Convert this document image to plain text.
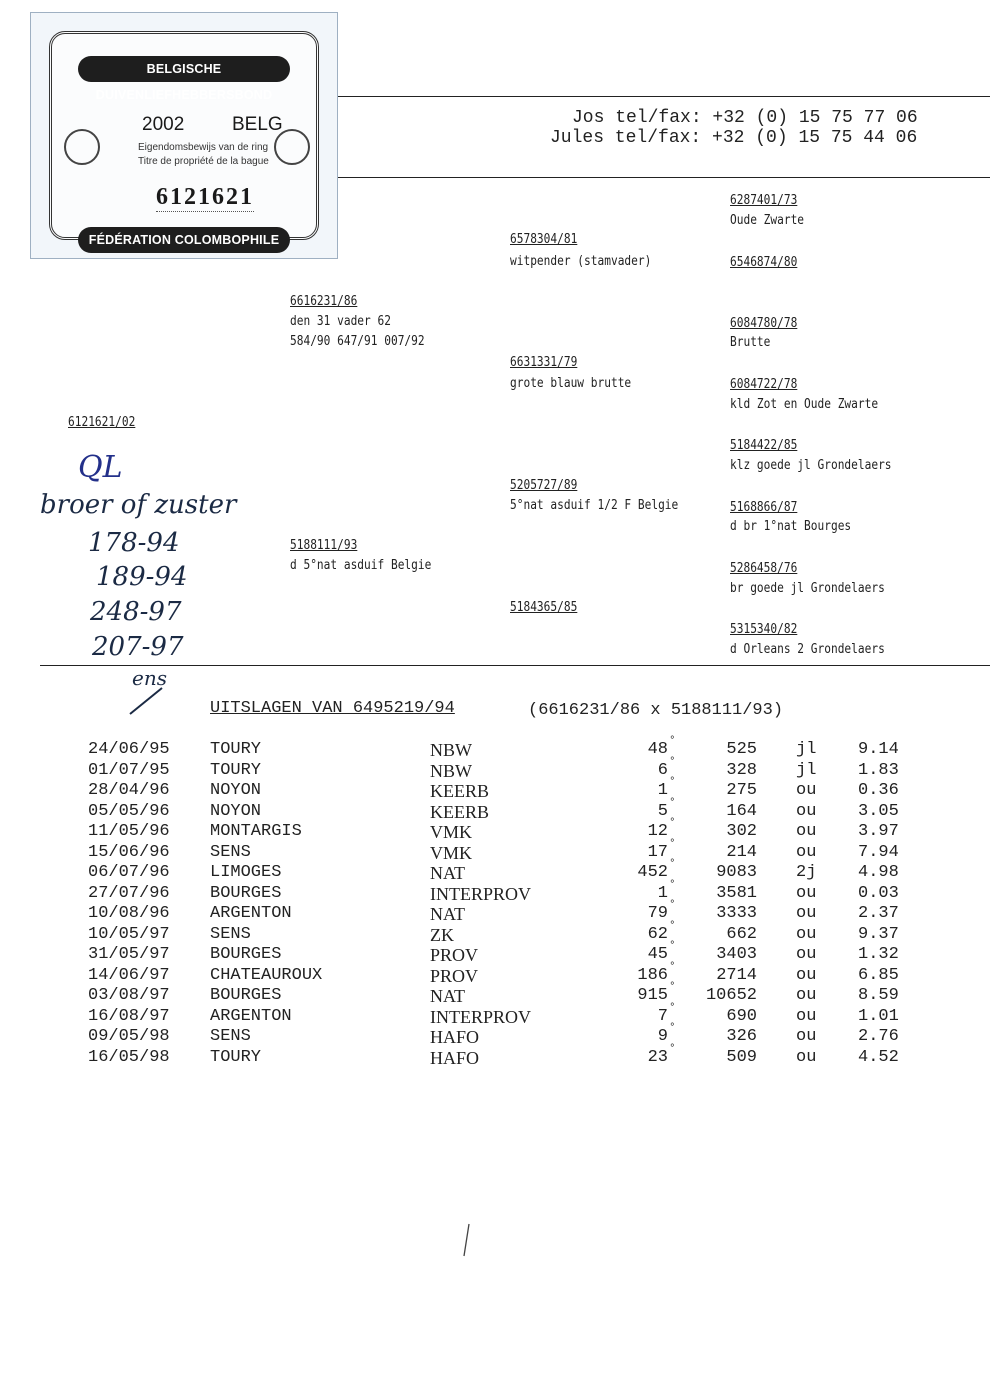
BELGISCHE DUIVENLIEFHEBBERSBOND
2002	BELG
Eigendomsbewijs van de ring
Titre de propriété de la bague
6121621
FÉDÉRATION COLOMBOPHILE BELGE
Jos tel/fax: +32 (0) 15 75 77 06
Jules tel/fax: +32 (0) 15 75 44 06
6287401/73
Oude Zwarte
6546874/80
6084780/78
Brutte
6084722/78
kld Zot en Oude Zwarte
5184422/85
klz goede jl Grondelaers
5168866/87
d br 1°nat Bourges
5286458/76
br goede jl Grondelaers
5315340/82
d Orleans 2 Grondelaers
6578304/81
witpender (stamvader)
6631331/79
grote blauw brutte
5205727/89
5°nat asduif 1/2 F Belgie
5184365/85
6616231/86
den 31 vader 62
584/90 647/91 007/92
5188111/93
d 5°nat asduif Belgie
6121621/02
QL
broer of zuster
178-94
189-94
248-97
207-97
ens
UITSLAGEN VAN 6495219/94	(6616231/86 x 5188111/93)
24/06/95 TOURY	NBW	48	525 jl 9.14
°
01/07/95 TOURY	NBW	6	328 jl 1.83
°
28/04/96 NOYON	KEERB	1	275 ou 0.36
°
05/05/96 NOYON	KEERB	5	164 ou 3.05
°
11/05/96 MONTARGIS	VMK	12	302 ou 3.97
°
15/06/96 SENS	VMK	17	214 ou 7.94
°
06/07/96 LIMOGES	NAT	452	9083 2j 4.98
°
27/07/96 BOURGES	INTERPROV	1	3581 ou 0.03
°
10/08/96 ARGENTON	NAT	79	3333 ou 2.37
°
10/05/97 SENS	ZK	62	662 ou 9.37
°
31/05/97 BOURGES	PROV	45	3403 ou 1.32
°
14/06/97 CHATEAUROUX	PROV	186	2714 ou 6.85
°
03/08/97 BOURGES	NAT	915 10652 ou 8.59
°
16/08/97 ARGENTON	INTERPROV	7	690 ou 1.01
°
09/05/98 SENS	HAFO	9	326 ou 2.76
°
16/05/98 TOURY	HAFO	23	509 ou 4.52
°
